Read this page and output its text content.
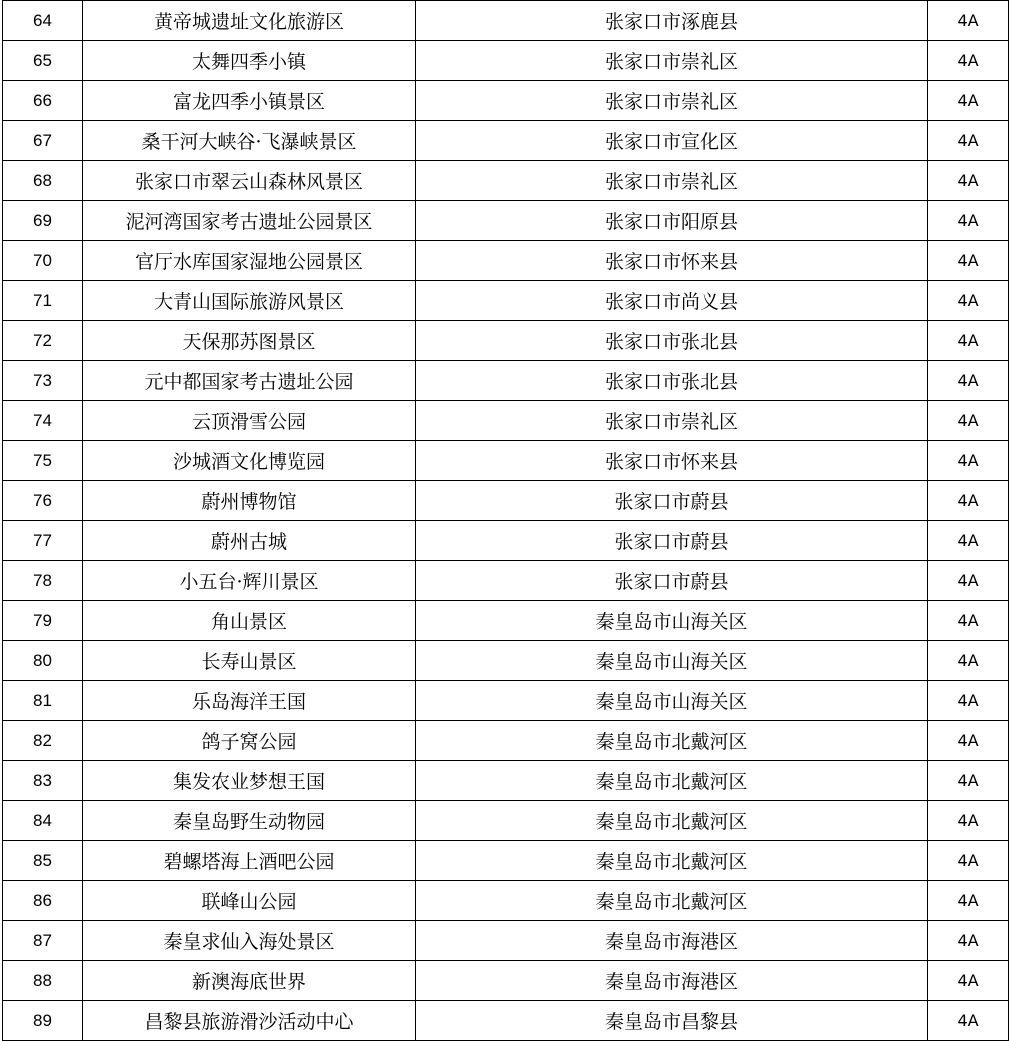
64	黄帝城遗址文化旅游区	张家口市涿鹿县	4A
65	太舞四季小镇	张家口市崇礼区	4A
66	富龙四季小镇景区	张家口市崇礼区	4A
67	桑干河大峡谷·飞瀑峡景区	张家口市宣化区	4A
68	张家口市翠云山森林风景区	张家口市崇礼区	4A
69	泥河湾国家考古遗址公园景区	张家口市阳原县	4A
70	官厅水库国家湿地公园景区	张家口市怀来县	4A
71	大青山国际旅游风景区	张家口市尚义县	4A
72	天保那苏图景区	张家口市张北县	4A
73	元中都国家考古遗址公园	张家口市张北县	4A
74	云顶滑雪公园	张家口市崇礼区	4A
75	沙城酒文化博览园	张家口市怀来县	4A
76	蔚州博物馆	张家口市蔚县	4A
77	蔚州古城	张家口市蔚县	4A
78	小五台·辉川景区	张家口市蔚县	4A
79	角山景区	秦皇岛市山海关区	4A
80	长寿山景区	秦皇岛市山海关区	4A
81	乐岛海洋王国	秦皇岛市山海关区	4A
82	鸽子窝公园	秦皇岛市北戴河区	4A
83	集发农业梦想王国	秦皇岛市北戴河区	4A
84	秦皇岛野生动物园	秦皇岛市北戴河区	4A
85	碧螺塔海上酒吧公园	秦皇岛市北戴河区	4A
86	联峰山公园	秦皇岛市北戴河区	4A
87	秦皇求仙入海处景区	秦皇岛市海港区	4A
88	新澳海底世界	秦皇岛市海港区	4A
89	昌黎县旅游滑沙活动中心	秦皇岛市昌黎县	4A
